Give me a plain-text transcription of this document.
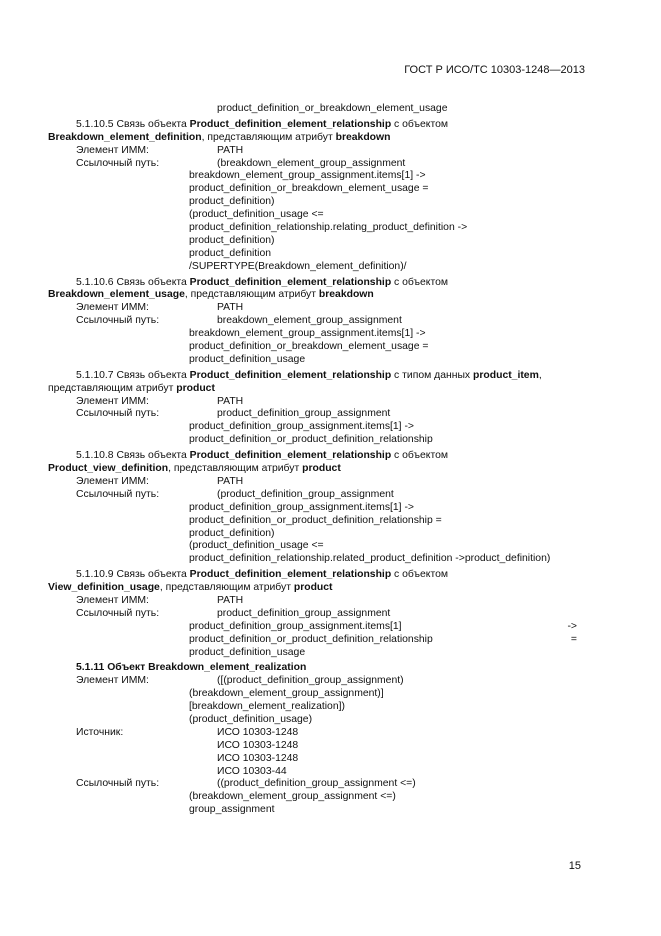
ГОСТ Р ИСО/ТС 10303-1248—2013
product_definition_or_breakdown_element_usage
5.1.10.5 Связь объекта Product_definition_element_relationship с объектом
Breakdown_element_definition, представляющим атрибут breakdown
Элемент ИММ:	PATH
Ссылочный путь:	(breakdown_element_group_assignment
breakdown_element_group_assignment.items[1] ->
product_definition_or_breakdown_element_usage =
product_definition)
(product_definition_usage <=
product_definition_relationship.relating_product_definition ->
product_definition)
product_definition
/SUPERTYPE(Breakdown_element_definition)/
5.1.10.6 Связь объекта Product_definition_element_relationship с объектом
Breakdown_element_usage, представляющим атрибут breakdown
Элемент ИММ:	PATH
Ссылочный путь:	breakdown_element_group_assignment
breakdown_element_group_assignment.items[1] ->
product_definition_or_breakdown_element_usage =
product_definition_usage
5.1.10.7 Связь объекта Product_definition_element_relationship с типом данных product_item,
представляющим атрибут product
Элемент ИММ:	PATH
Ссылочный путь:	product_definition_group_assignment
product_definition_group_assignment.items[1] ->
product_definition_or_product_definition_relationship
5.1.10.8 Связь объекта Product_definition_element_relationship с объектом
Product_view_definition, представляющим атрибут product
Элемент ИММ:	PATH
Ссылочный путь:	(product_definition_group_assignment
product_definition_group_assignment.items[1] ->
product_definition_or_product_definition_relationship =
product_definition)
(product_definition_usage <=
product_definition_relationship.related_product_definition ->product_definition)
5.1.10.9 Связь объекта Product_definition_element_relationship с объектом
View_definition_usage, представляющим атрибут product
Элемент ИММ:	PATH
Ссылочный путь:	product_definition_group_assignment
product_definition_group_assignment.items[1]	->
product_definition_or_product_definition_relationship	=
product_definition_usage
5.1.11 Объект Breakdown_element_realization
Элемент ИММ:	([(product_definition_group_assignment)
(breakdown_element_group_assignment)]
[breakdown_element_realization])
(product_definition_usage)
Источник:	ИСО 10303-1248
ИСО 10303-1248
ИСО 10303-1248
ИСО 10303-44
Ссылочный путь:	((product_definition_group_assignment <=)
(breakdown_element_group_assignment <=)
group_assignment
15
